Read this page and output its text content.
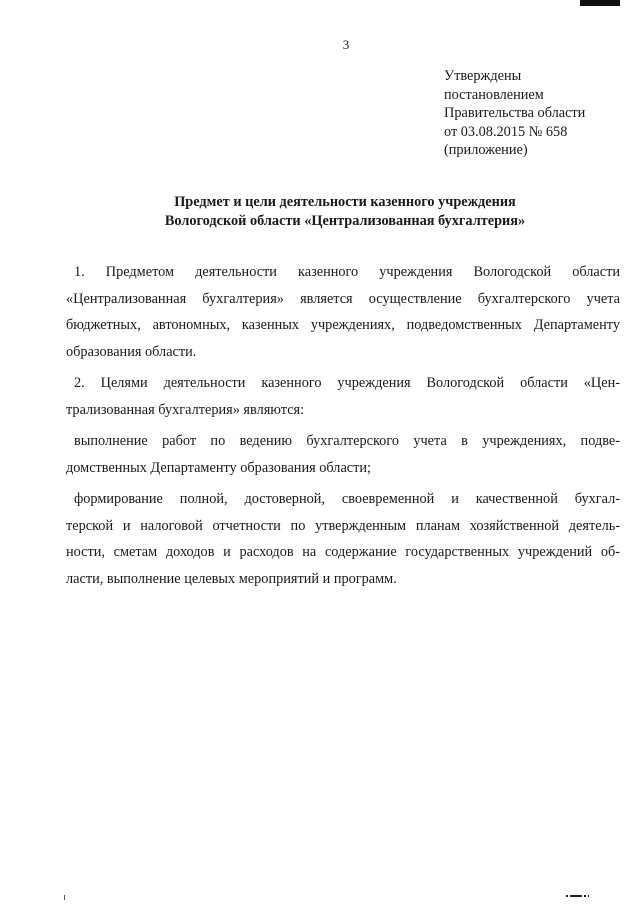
3
Утверждены
постановлением
Правительства области
от 03.08.2015 № 658
(приложение)
Предмет и цели деятельности казенного учреждения
Вологодской области «Централизованная бухгалтерия»
1. Предметом деятельности казенного учреждения Вологодской области
«Централизованная бухгалтерия» является осуществление бухгалтерского учета
бюджетных, автономных, казенных учреждениях, подведомственных Департаменту
образования области.
2. Целями деятельности казенного учреждения Вологодской области «Цен-
трализованная бухгалтерия» являются:
выполнение работ по ведению бухгалтерского учета в учреждениях, подве-
домственных Департаменту образования области;
формирование полной, достоверной, своевременной и качественной бухгал-
терской и налоговой отчетности по утвержденным планам хозяйственной деятель-
ности, сметам доходов и расходов на содержание государственных учреждений об-
ласти, выполнение целевых мероприятий и программ.
